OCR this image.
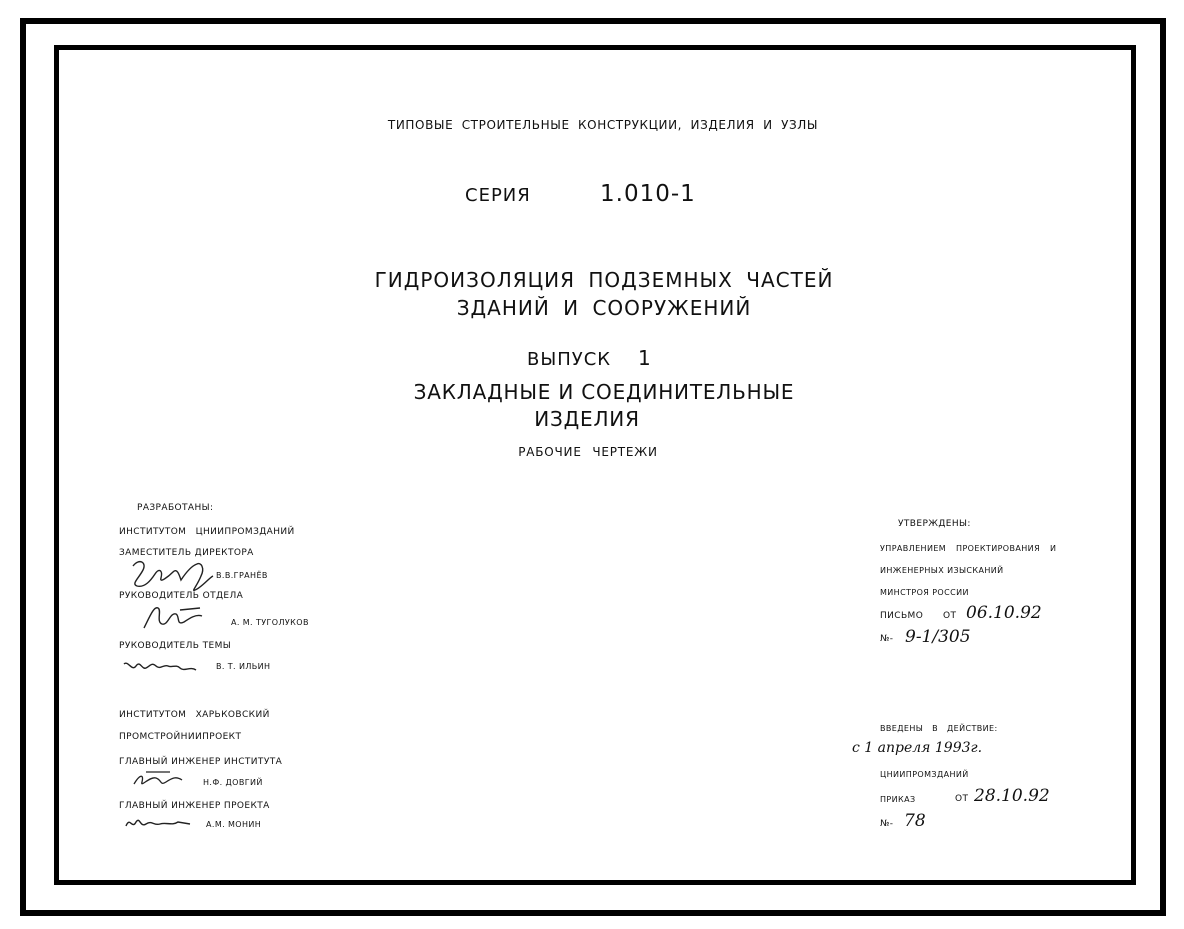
ТИПОВЫЕ СТРОИТЕЛЬНЫЕ КОНСТРУКЦИИ, ИЗДЕЛИЯ И УЗЛЫ
СЕРИЯ	1.010-1
ГИДРОИЗОЛЯЦИЯ ПОДЗЕМНЫХ ЧАСТЕЙ
ЗДАНИЙ И СООРУЖЕНИЙ
ВЫПУСК 1
ЗАКЛАДНЫЕ И СОЕДИНИТЕЛЬНЫЕ
ИЗДЕЛИЯ
РАБОЧИЕ ЧЕРТЕЖИ
РАЗРАБОТАНЫ:
ИНСТИТУТОМ ЦНИИПРОМЗДАНИЙ
ЗАМЕСТИТЕЛЬ ДИРЕКТОРА
В.В.ГРАНЁВ
РУКОВОДИТЕЛЬ ОТДЕЛА
А. М. ТУГОЛУКОВ
РУКОВОДИТЕЛЬ ТЕМЫ
В. Т. ИЛЬИН
ИНСТИТУТОМ ХАРЬКОВСКИЙ
ПРОМСТРОЙНИИПРОЕКТ
ГЛАВНЫЙ ИНЖЕНЕР ИНСТИТУТА
Н.Ф. ДОВГИЙ
ГЛАВНЫЙ ИНЖЕНЕР ПРОЕКТА
А.М. МОНИН
УТВЕРЖДЕНЫ:
УПРАВЛЕНИЕМ ПРОЕКТИРОВАНИЯ И
ИНЖЕНЕРНЫХ ИЗЫСКАНИЙ
МИНСТРОЯ РОССИИ
ПИСЬМО ОТ 06.10.92
№- 9-1/305
ВВЕДЕНЫ В ДЕЙСТВИЕ:
с 1 апреля 1993г.
ЦНИИПРОМЗДАНИЙ
ПРИКАЗ	ОТ 28.10.92
№- 78
